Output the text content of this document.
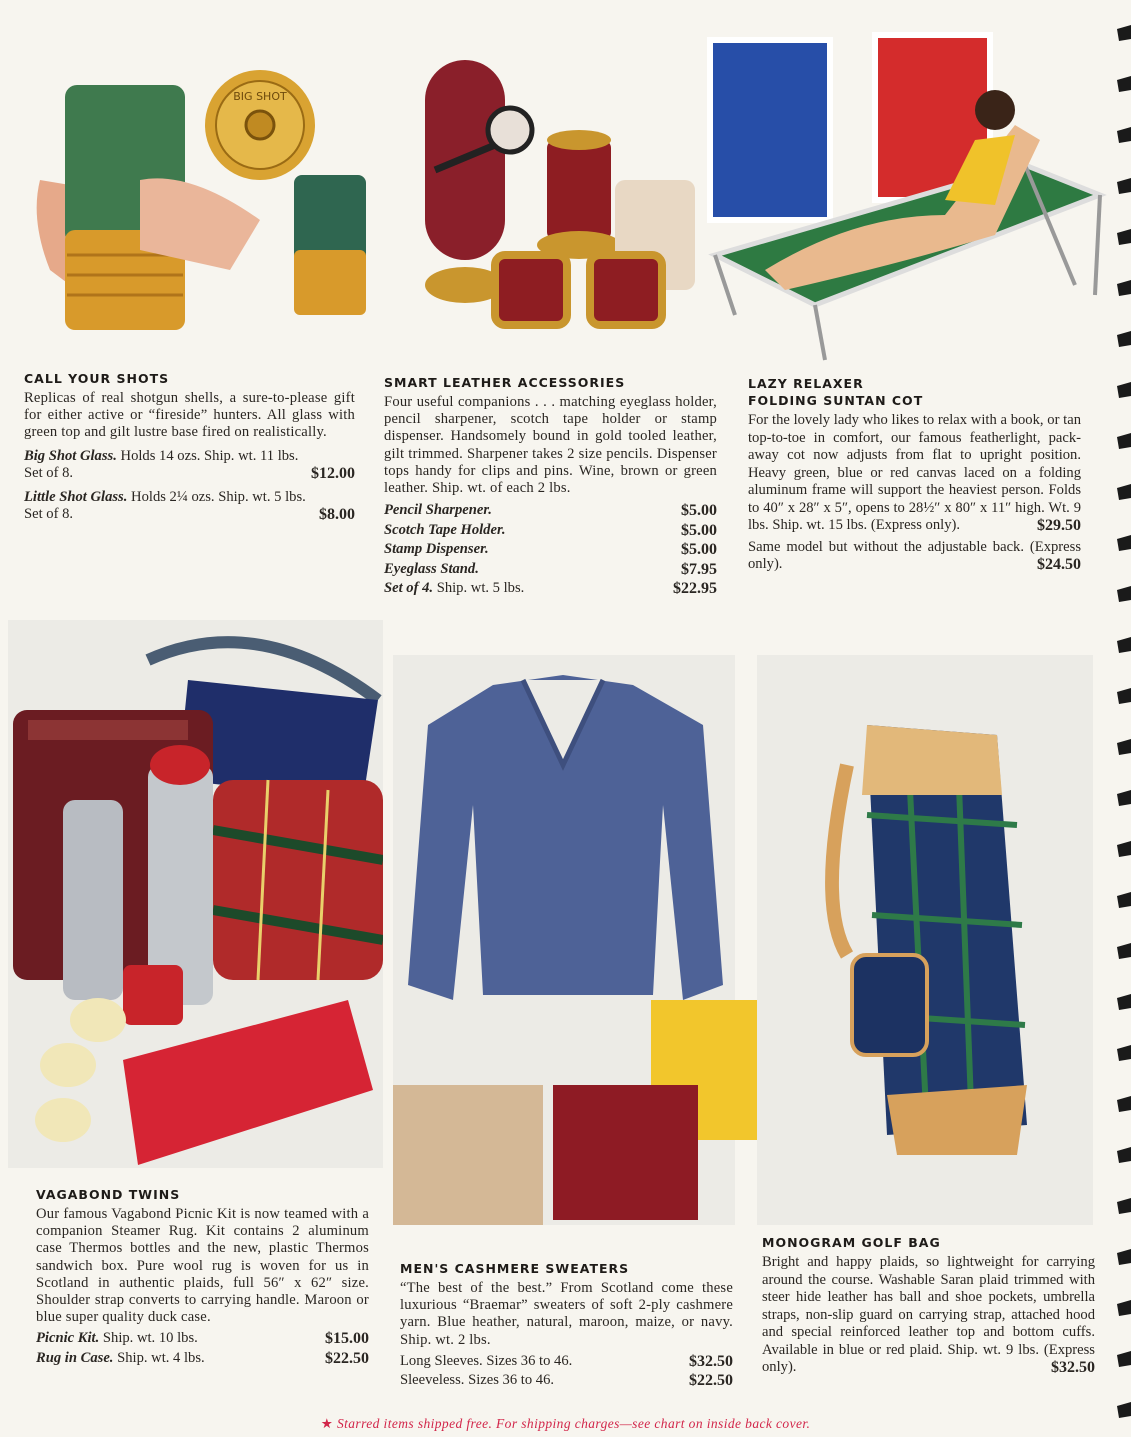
BIG SHOT
CALL YOUR SHOTS
Replicas of real shotgun shells, a sure-to-please gift for either active or “fireside” hunters. All glass with green top and gilt lustre base fired on realistically.
Big Shot Glass. Holds 14 ozs. Ship. wt. 11 lbs. Set of 8.	$12.00
Little Shot Glass. Holds 2¼ ozs. Ship. wt. 5 lbs. Set of 8.	$8.00
SMART LEATHER ACCESSORIES
Four useful companions . . . matching eyeglass holder, pencil sharpener, scotch tape holder or stamp dispenser. Handsomely bound in gold tooled leather, gilt trimmed. Sharpener takes 2 size pencils. Dispenser tops handy for clips and pins. Wine, brown or green leather. Ship. wt. of each 2 lbs.
Pencil Sharpener.	$5.00
Scotch Tape Holder.	$5.00
Stamp Dispenser.	$5.00
Eyeglass Stand.	$7.95
Set of 4. Ship. wt. 5 lbs.	$22.95
LAZY RELAXER
FOLDING SUNTAN COT
For the lovely lady who likes to relax with a book, or tan top-to-toe in comfort, our famous featherlight, pack-away cot now adjusts from flat to upright position. Heavy green, blue or red canvas laced on a folding aluminum frame will support the heaviest person. Folds to 40″ x 28″ x 5″, opens to 28½″ x 80″ x 11″ high. Wt. 9 lbs. Ship. wt. 15 lbs. (Express only).	$29.50
Same model but without the adjustable back. (Express only).	$24.50
VAGABOND TWINS
Our famous Vagabond Picnic Kit is now teamed with a companion Steamer Rug. Kit contains 2 aluminum case Thermos bottles and the new, plastic Thermos sandwich box. Pure wool rug is woven for us in Scotland in authentic plaids, full 56″ x 62″ size. Shoulder strap converts to carrying handle. Maroon or blue super quality duck case.
Picnic Kit. Ship. wt. 10 lbs.	$15.00
Rug in Case. Ship. wt. 4 lbs.	$22.50
MEN'S CASHMERE SWEATERS
“The best of the best.” From Scotland come these luxurious “Braemar” sweaters of soft 2-ply cashmere yarn. Blue heather, natural, maroon, maize, or navy. Ship. wt. 2 lbs.
Long Sleeves. Sizes 36 to 46.	$32.50
Sleeveless. Sizes 36 to 46.	$22.50
MONOGRAM GOLF BAG
Bright and happy plaids, so lightweight for carrying around the course. Washable Saran plaid trimmed with steer hide leather has ball and shoe pockets, umbrella straps, non-slip guard on carrying strap, attached hood and special reinforced leather top and bottom cuffs. Available in blue or red plaid. Ship. wt. 9 lbs. (Express only).	$32.50
★ Starred items shipped free. For shipping charges—see chart on inside back cover.
